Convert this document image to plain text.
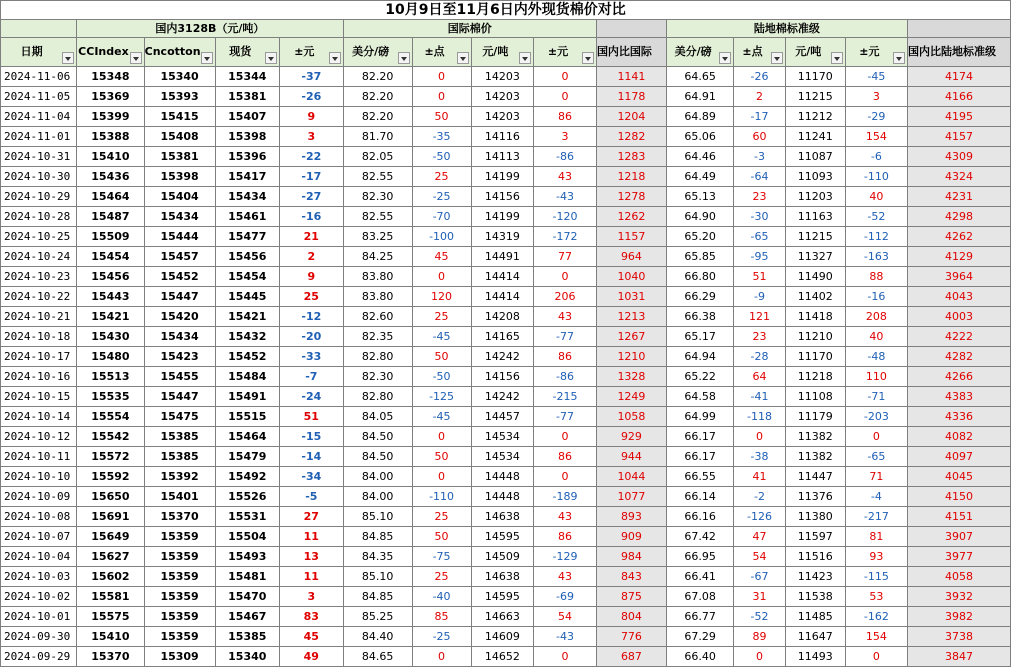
10月9日至11月6日内外现货棉价对比														
	国内3128B（元/吨）				国际棉价					陆地棉标准级				

日期	CCIndex	Cncotton	现货	±元	美分/磅	±点	元/吨	±元	国内比国际	美分/磅	±点	元/吨	±元	国内比陆地标准级

2024-11-06	15348	15340	15344	-37	82.20	0	14203	0	1141	64.65	-26	11170	-45	4174
2024-11-05	15369	15393	15381	-26	82.20	0	14203	0	1178	64.91	2	11215	3	4166
2024-11-04	15399	15415	15407	9	82.20	50	14203	86	1204	64.89	-17	11212	-29	4195
2024-11-01	15388	15408	15398	3	81.70	-35	14116	3	1282	65.06	60	11241	154	4157
2024-10-31	15410	15381	15396	-22	82.05	-50	14113	-86	1283	64.46	-3	11087	-6	4309
2024-10-30	15436	15398	15417	-17	82.55	25	14199	43	1218	64.49	-64	11093	-110	4324
2024-10-29	15464	15404	15434	-27	82.30	-25	14156	-43	1278	65.13	23	11203	40	4231
2024-10-28	15487	15434	15461	-16	82.55	-70	14199	-120	1262	64.90	-30	11163	-52	4298
2024-10-25	15509	15444	15477	21	83.25	-100	14319	-172	1157	65.20	-65	11215	-112	4262
2024-10-24	15454	15457	15456	2	84.25	45	14491	77	964	65.85	-95	11327	-163	4129
2024-10-23	15456	15452	15454	9	83.80	0	14414	0	1040	66.80	51	11490	88	3964
2024-10-22	15443	15447	15445	25	83.80	120	14414	206	1031	66.29	-9	11402	-16	4043
2024-10-21	15421	15420	15421	-12	82.60	25	14208	43	1213	66.38	121	11418	208	4003
2024-10-18	15430	15434	15432	-20	82.35	-45	14165	-77	1267	65.17	23	11210	40	4222
2024-10-17	15480	15423	15452	-33	82.80	50	14242	86	1210	64.94	-28	11170	-48	4282
2024-10-16	15513	15455	15484	-7	82.30	-50	14156	-86	1328	65.22	64	11218	110	4266
2024-10-15	15535	15447	15491	-24	82.80	-125	14242	-215	1249	64.58	-41	11108	-71	4383
2024-10-14	15554	15475	15515	51	84.05	-45	14457	-77	1058	64.99	-118	11179	-203	4336
2024-10-12	15542	15385	15464	-15	84.50	0	14534	0	929	66.17	0	11382	0	4082
2024-10-11	15572	15385	15479	-14	84.50	50	14534	86	944	66.17	-38	11382	-65	4097
2024-10-10	15592	15392	15492	-34	84.00	0	14448	0	1044	66.55	41	11447	71	4045
2024-10-09	15650	15401	15526	-5	84.00	-110	14448	-189	1077	66.14	-2	11376	-4	4150
2024-10-08	15691	15370	15531	27	85.10	25	14638	43	893	66.16	-126	11380	-217	4151
2024-10-07	15649	15359	15504	11	84.85	50	14595	86	909	67.42	47	11597	81	3907
2024-10-04	15627	15359	15493	13	84.35	-75	14509	-129	984	66.95	54	11516	93	3977
2024-10-03	15602	15359	15481	11	85.10	25	14638	43	843	66.41	-67	11423	-115	4058
2024-10-02	15581	15359	15470	3	84.85	-40	14595	-69	875	67.08	31	11538	53	3932
2024-10-01	15575	15359	15467	83	85.25	85	14663	54	804	66.77	-52	11485	-162	3982
2024-09-30	15410	15359	15385	45	84.40	-25	14609	-43	776	67.29	89	11647	154	3738
2024-09-29	15370	15309	15340	49	84.65	0	14652	0	687	66.40	0	11493	0	3847
